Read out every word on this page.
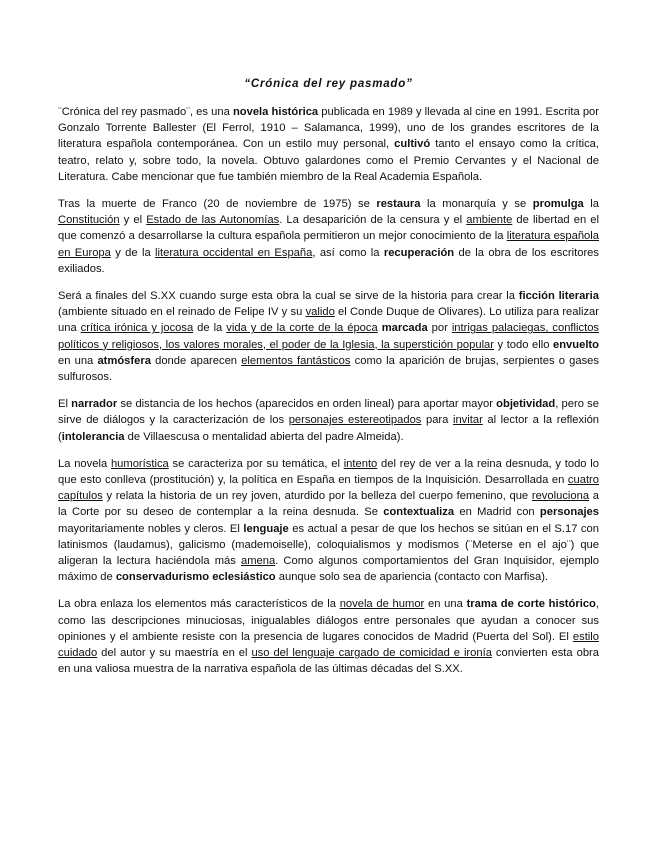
“Crónica del rey pasmado”

¨Crónica del rey pasmado¨, es una novela histórica publicada en 1989 y llevada al cine en 1991. Escrita por Gonzalo Torrente Ballester (El Ferrol, 1910 – Salamanca, 1999), uno de los grandes escritores de la literatura española contemporánea. Con un estilo muy personal, cultivó tanto el ensayo como la crítica, teatro, relato y, sobre todo, la novela. Obtuvo galardones como el Premio Cervantes y el Nacional de Literatura. Cabe mencionar que fue también miembro de la Real Academia Española.

Tras la muerte de Franco (20 de noviembre de 1975) se restaura la monarquía y se promulga la Constitución y el Estado de las Autonomías. La desaparición de la censura y el ambiente de libertad en el que comenzó a desarrollarse la cultura española permitieron un mejor conocimiento de la literatura española en Europa y de la literatura occidental en España, así como la recuperación de la obra de los escritores exiliados.

Será a finales del S.XX cuando surge esta obra la cual se sirve de la historia para crear la ficción literaria (ambiente situado en el reinado de Felipe IV y su valido el Conde Duque de Olivares). Lo utiliza para realizar una crítica irónica y jocosa de la vida y de la corte de la época marcada por intrigas palaciegas, conflictos políticos y religiosos, los valores morales, el poder de la Iglesia, la superstición popular y todo ello envuelto en una atmósfera donde aparecen elementos fantásticos como la aparición de brujas, serpientes o gases sulfurosos.

El narrador se distancia de los hechos (aparecidos en orden lineal) para aportar mayor objetividad, pero se sirve de diálogos y la caracterización de los personajes estereotipados para invitar al lector a la reflexión (intolerancia de Villaescusa o mentalidad abierta del padre Almeida).

La novela humorística se caracteriza por su temática, el intento del rey de ver a la reina desnuda, y todo lo que esto conlleva (prostitución) y, la política en España en tiempos de la Inquisición. Desarrollada en cuatro capítulos y relata la historia de un rey joven, aturdido por la belleza del cuerpo femenino, que revoluciona a la Corte por su deseo de contemplar a la reina desnuda. Se contextualiza en Madrid con personajes mayoritariamente nobles y cleros. El lenguaje es actual a pesar de que los hechos se sitúan en el S.17 con latinismos (laudamus), galicismo (mademoiselle), coloquialismos y modismos (¨Meterse en el ajo¨) que aligeran la lectura haciéndola más amena. Como algunos comportamientos del Gran Inquisidor, ejemplo máximo de conservadurismo eclesiástico aunque solo sea de apariencia (contacto con Marfisa).

La obra enlaza los elementos más característicos de la novela de humor en una trama de corte histórico, como las descripciones minuciosas, inigualables diálogos entre personales que ayudan a conocer sus opiniones y el ambiente resiste con la presencia de lugares conocidos de Madrid (Puerta del Sol). El estilo cuidado del autor y su maestría en el uso del lenguaje cargado de comicidad e ironía convierten esta obra en una valiosa muestra de la narrativa española de las últimas décadas del S.XX.
